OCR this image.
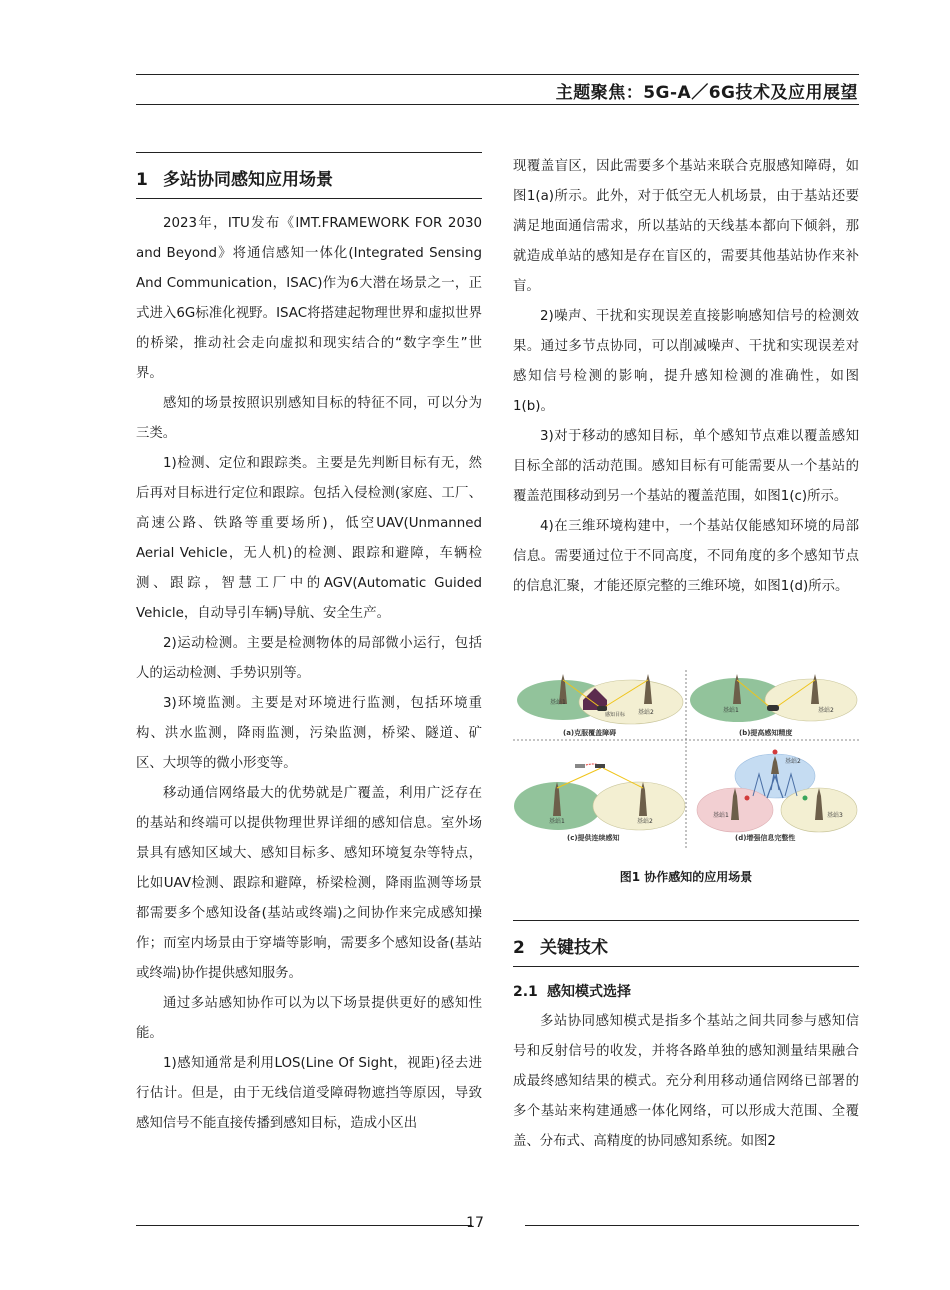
主题聚焦：5G-A／6G技术及应用展望
1 多站协同感知应用场景

2023年，ITU发布《IMT.FRAMEWORK FOR 2030 and Beyond》将通信感知一体化(Integrated Sensing And Communication，ISAC)作为6大潜在场景之一，正式进入6G标准化视野。ISAC将搭建起物理世界和虚拟世界的桥梁，推动社会走向虚拟和现实结合的“数字孪生”世界。

感知的场景按照识别感知目标的特征不同，可以分为三类。

1)检测、定位和跟踪类。主要是先判断目标有无，然后再对目标进行定位和跟踪。包括入侵检测(家庭、工厂、高速公路、铁路等重要场所)，低空UAV(Unmanned Aerial Vehicle，无人机)的检测、跟踪和避障，车辆检测、跟踪，智慧工厂中的AGV(Automatic Guided Vehicle，自动导引车辆)导航、安全生产。

2)运动检测。主要是检测物体的局部微小运行，包括人的运动检测、手势识别等。

3)环境监测。主要是对环境进行监测，包括环境重构、洪水监测，降雨监测，污染监测，桥梁、隧道、矿区、大坝等的微小形变等。

移动通信网络最大的优势就是广覆盖，利用广泛存在的基站和终端可以提供物理世界详细的感知信息。室外场景具有感知区域大、感知目标多、感知环境复杂等特点，比如UAV检测、跟踪和避障，桥梁检测，降雨监测等场景都需要多个感知设备(基站或终端)之间协作来完成感知操作；而室内场景由于穿墙等影响，需要多个感知设备(基站或终端)协作提供感知服务。

通过多站感知协作可以为以下场景提供更好的感知性能。

1)感知通常是利用LOS(Line Of Sight，视距)径去进行估计。但是，由于无线信道受障碍物遮挡等原因，导致感知信号不能直接传播到感知目标，造成小区出

现覆盖盲区，因此需要多个基站来联合克服感知障碍，如图1(a)所示。此外，对于低空无人机场景，由于基站还要满足地面通信需求，所以基站的天线基本都向下倾斜，那就造成单站的感知是存在盲区的，需要其他基站协作来补盲。

2)噪声、干扰和实现误差直接影响感知信号的检测效果。通过多节点协同，可以削减噪声、干扰和实现误差对感知信号检测的影响，提升感知检测的准确性，如图1(b)。

3)对于移动的感知目标，单个感知节点难以覆盖感知目标全部的活动范围。感知目标有可能需要从一个基站的覆盖范围移动到另一个基站的覆盖范围，如图1(c)所示。

4)在三维环境构建中，一个基站仅能感知环境的局部信息。需要通过位于不同高度，不同角度的多个感知节点的信息汇聚，才能还原完整的三维环境，如图1(d)所示。

基站1
基站2
感知目标
基站1	基站2
基站1	基站2
基站1	基站3
基站2
(a)克服覆盖障碍	(b)提高感知精度
(c)提供连续感知	(d)增强信息完整性
图1 协作感知的应用场景
2 关键技术
2.1 感知模式选择

多站协同感知模式是指多个基站之间共同参与感知信号和反射信号的收发，并将各路单独的感知测量结果融合成最终感知结果的模式。充分利用移动通信网络已部署的多个基站来构建通感一体化网络，可以形成大范围、全覆盖、分布式、高精度的协同感知系统。如图2

17
